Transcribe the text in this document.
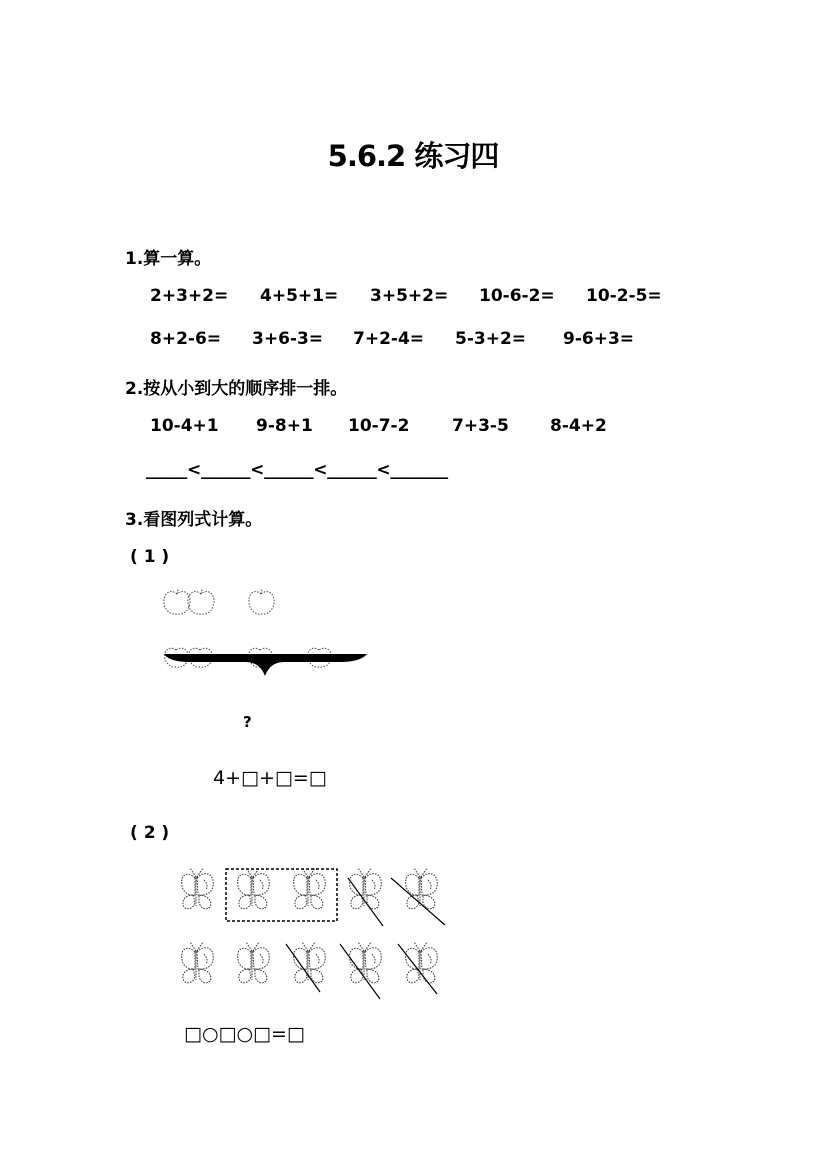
5.6.2 练习四
1.算一算。
2+3+2= 4+5+1= 3+5+2= 10-6-2= 10-2-5=
8+2-6= 3+6-3= 7+2-4= 5-3+2= 9-6+3=
2.按从小到大的顺序排一排。
10-4+1 9-8+1 10-7-2	7+3-5 8-4+2
_____<______<______<______<_______
3.看图列式计算。
( 1 )
?
4+□+□=□
( 2 )
□○□○□=□
